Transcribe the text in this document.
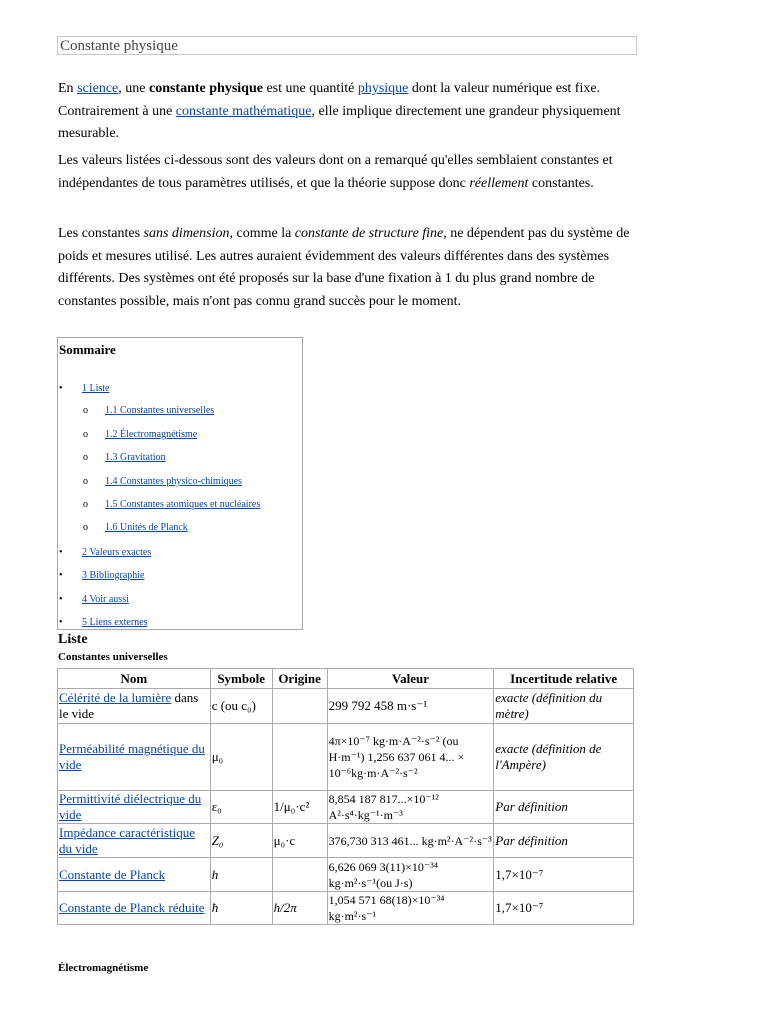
Constante physique

En science, une constante physique est une quantité physique dont la valeur numérique est fixe. Contrairement à une constante mathématique, elle implique directement une grandeur physiquement mesurable.

Les valeurs listées ci-dessous sont des valeurs dont on a remarqué qu'elles semblaient constantes et indépendantes de tous paramètres utilisés, et que la théorie suppose donc réellement constantes.

Les constantes sans dimension, comme la constante de structure fine, ne dépendent pas du système de poids et mesures utilisé. Les autres auraient évidemment des valeurs différentes dans des systèmes différents. Des systèmes ont été proposés sur la base d'une fixation à 1 du plus grand nombre de constantes possible, mais n'ont pas connu grand succès pour le moment.

Sommaire
• 1 Liste
o 1.1 Constantes universelles
o 1.2 Électromagnétisme
o 1.3 Gravitation
o 1.4 Constantes physico-chimiques
o 1.5 Constantes atomiques et nucléaires
o 1.6 Unités de Planck
• 2 Valeurs exactes
• 3 Bibliographie
• 4 Voir aussi
• 5 Liens externes
Liste
Constantes universelles
Nom	Symbole	Origine	Valeur	Incertitude relative
Célérité de la lumière dans le vide	c (ou c₀)		299 792 458 m·s⁻¹	exacte (définition du mètre)
Perméabilité magnétique du vide	μ₀		4π×10⁻⁷ kg·m·A⁻²·s⁻² (ou H·m⁻¹) 1,256 637 061 4... × 10⁻⁶kg·m·A⁻²·s⁻²	exacte (définition de l'Ampère)
Permittivité diélectrique du vide	ε₀	1/μ₀·c²	8,854 187 817...×10⁻¹² A²·s⁴·kg⁻¹·m⁻³	Par définition
Impédance caractéristique du vide	Z₀	μ₀·c	376,730 313 461... kg·m²·A⁻²·s⁻³	Par définition
Constante de Planck	h		6,626 069 3(11)×10⁻³⁴ kg·m²·s⁻¹(ou J·s)	1,7×10⁻⁷
Constante de Planck réduite	ħ	h/2π	1,054 571 68(18)×10⁻³⁴ kg·m²·s⁻¹	1,7×10⁻⁷
Électromagnétisme
